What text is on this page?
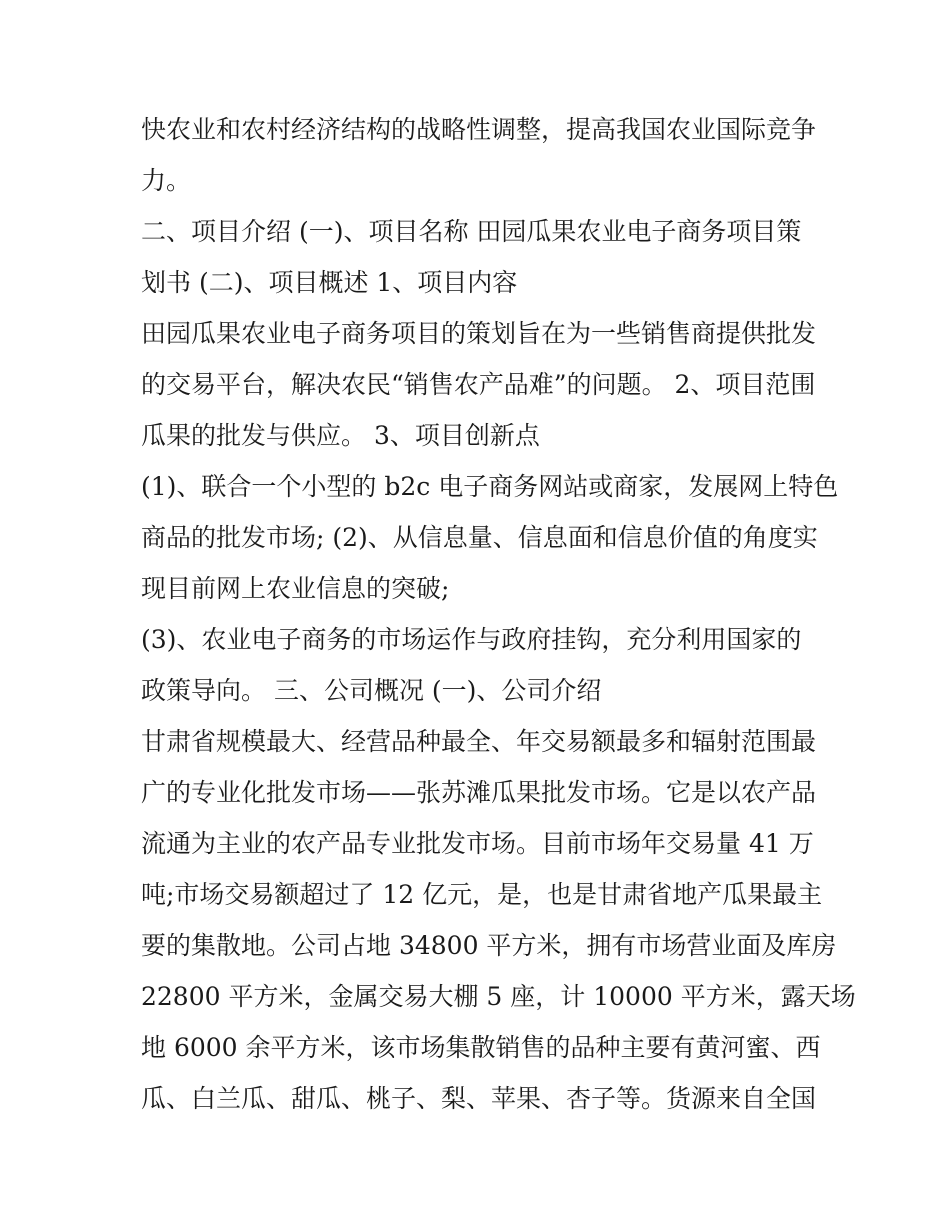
快农业和农村经济结构的战略性调整，提高我国农业国际竞争
力。
二、项目介绍 (一)、项目名称 田园瓜果农业电子商务项目策
划书 (二)、项目概述 1、项目内容
田园瓜果农业电子商务项目的策划旨在为一些销售商提供批发
的交易平台，解决农民“销售农产品难”的问题。 2、项目范围
瓜果的批发与供应。 3、项目创新点
(1)、联合一个小型的 b2c 电子商务网站或商家，发展网上特色
商品的批发市场; (2)、从信息量、信息面和信息价值的角度实
现目前网上农业信息的突破;
(3)、农业电子商务的市场运作与政府挂钩，充分利用国家的
政策导向。 三、公司概况 (一)、公司介绍
甘肃省规模最大、经营品种最全、年交易额最多和辐射范围最
广的专业化批发市场——张苏滩瓜果批发市场。它是以农产品
流通为主业的农产品专业批发市场。目前市场年交易量 41 万
吨;市场交易额超过了 12 亿元，是，也是甘肃省地产瓜果最主
要的集散地。公司占地 34800 平方米，拥有市场营业面及库房
22800 平方米，金属交易大棚 5 座，计 10000 平方米，露天场
地 6000 余平方米，该市场集散销售的品种主要有黄河蜜、西
瓜、白兰瓜、甜瓜、桃子、梨、苹果、杏子等。货源来自全国
